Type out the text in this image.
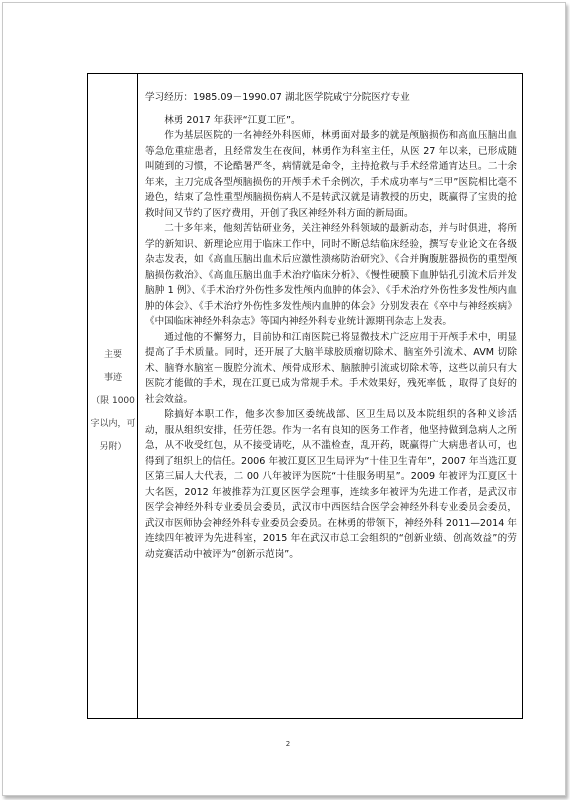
主要
事迹
（限 1000
字以内，可
另附）

学习经历：1985.09－1990.07 湖北医学院咸宁分院医疗专业

林勇 2017 年获评“江夏工匠”。

作为基层医院的一名神经外科医师，林勇面对最多的就是颅脑损伤和高血压脑出血等急危重症患者，且经常发生在夜间，林勇作为科室主任，从医 27 年以来，已形成随叫随到的习惯，不论酷暑严冬，病情就是命令，主持抢救与手术经常通宵达旦。二十余年来，主刀完成各型颅脑损伤的开颅手术千余例次，手术成功率与“三甲”医院相比毫不逊色，结束了急性重型颅脑损伤病人不是转武汉就是请教授的历史，既赢得了宝贵的抢救时间又节约了医疗费用，开创了我区神经外科方面的新局面。

二十多年来，他刻苦钻研业务，关注神经外科领域的最新动态，并与时俱进，将所学的新知识、新理论应用于临床工作中，同时不断总结临床经验，撰写专业论文在各级杂志发表，如《高血压脑出血术后应激性溃疡防治研究》、《合并胸腹脏器损伤的重型颅脑损伤救治》、《高血压脑出血手术治疗临床分析》、《慢性硬膜下血肿钻孔引流术后并发脑肿 1 例》、《手术治疗外伤性多发性颅内血肿的体会》、《手术治疗外伤性多发性颅内血肿的体会》、《手术治疗外伤性多发性颅内血肿的体会》分别发表在《卒中与神经疾病》《中国临床神经外科杂志》等国内神经外科专业统计源期刊杂志上发表。

通过他的不懈努力，目前协和江南医院已将显微技术广泛应用于开颅手术中，明显提高了手术质量。同时，还开展了大脑半球胶质瘤切除术、脑室外引流术、AVM 切除术、脑脊水脑室－腹腔分流术、颅骨成形术、脑脓肿引流或切除术等，这些以前只有大医院才能做的手术，现在江夏已成为常规手术。手术效果好，残死率低 ，取得了良好的社会效益。

除搞好本职工作，他多次参加区委统战部、区卫生局以及本院组织的各种义诊活动，服从组织安排，任劳任怨。作为一名有良知的医务工作者，他坚持做到急病人之所急，从不收受红包，从不接受请吃，从不滥检查，乱开药，既赢得广大病患者认可，也得到了组织上的信任。2006 年被江夏区卫生局评为“十佳卫生青年”，2007 年当选江夏区第三届人大代表，二 00 八年被评为医院“十佳服务明星”。2009 年被评为江夏区十大名医，2012 年被推荐为江夏区医学会理事，连续多年被评为先进工作者，是武汉市医学会神经外科专业委员会委员，武汉市中西医结合医学会神经外科专业委员会委员，武汉市医师协会神经外科专业委员会委员。在林勇的带领下，神经外科 2011—2014 年连续四年被评为先进科室，2015 年在武汉市总工会组织的“创新业绩、创高效益”的劳动竞赛活动中被评为“创新示范岗”。

2
